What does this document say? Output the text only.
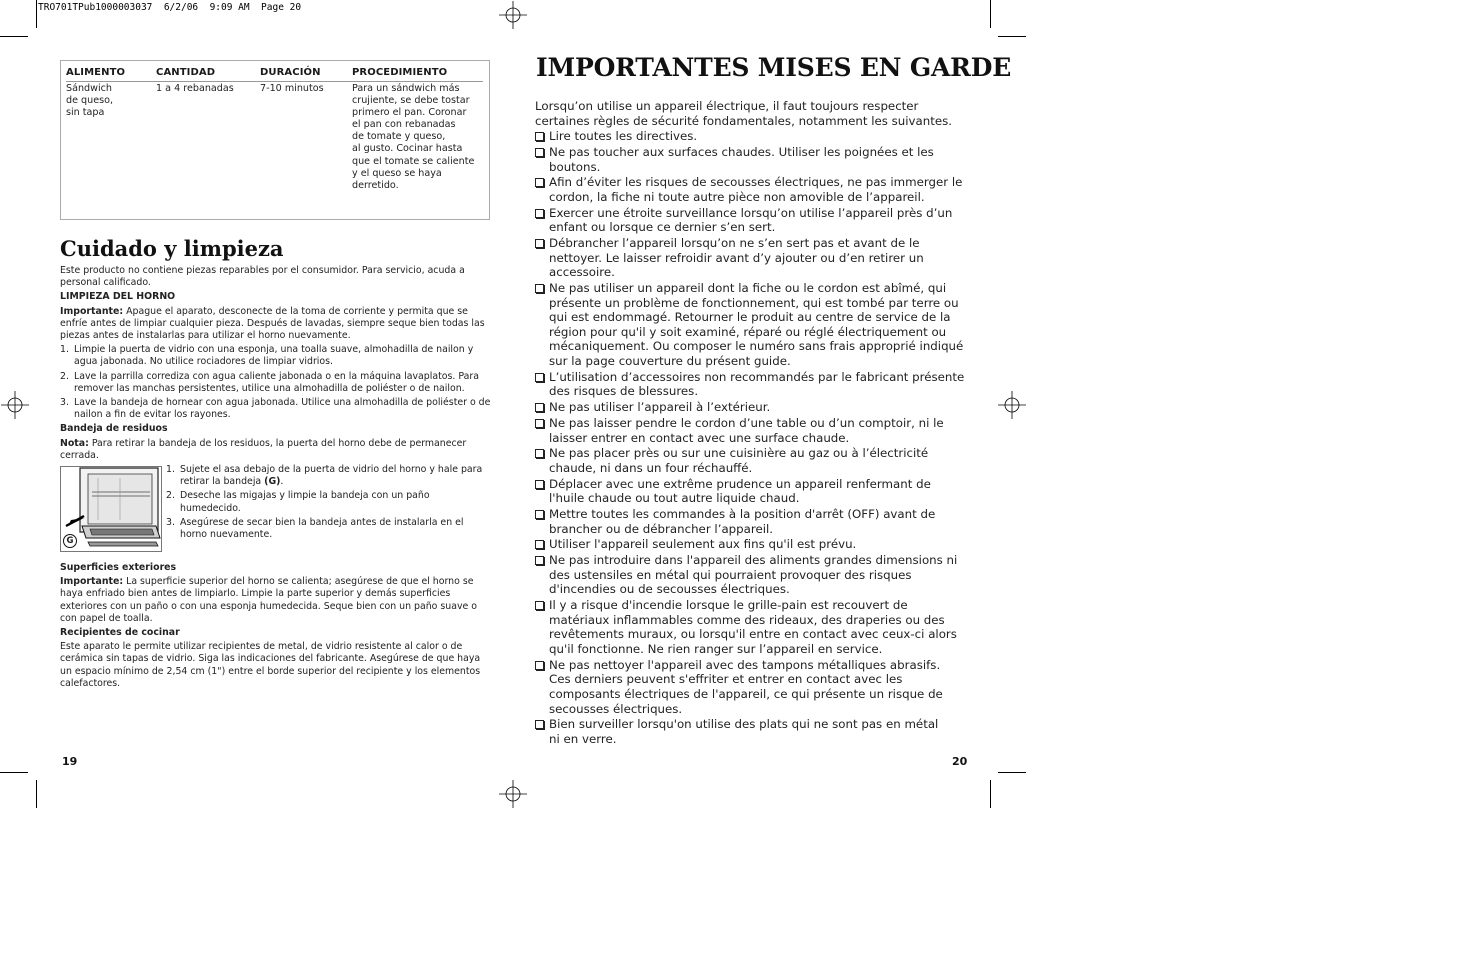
TRO701TPub1000003037  6/2/06  9:09 AM  Page 20
ALIMENTO	CANTIDAD	DURACIÓN	PROCEDIMIENTO
Sándwich
de queso,
sin tapa
1 a 4 rebanadas	7-10 minutos	Para un sándwich más
crujiente, se debe tostar
primero el pan. Coronar
el pan con rebanadas
de tomate y queso,
al gusto. Cocinar hasta
que el tomate se caliente
y el queso se haya
derretido.
Cuidado y limpieza

Este producto no contiene piezas reparables por el consumidor. Para servicio, acuda a personal calificado.

LIMPIEZA DEL HORNO

Importante: Apague el aparato, desconecte de la toma de corriente y permita que se enfríe antes de limpiar cualquier pieza. Después de lavadas, siempre seque bien todas las piezas antes de instalarlas para utilizar el horno nuevamente.

1. Limpie la puerta de vidrio con una esponja, una toalla suave, almohadilla de nailon y agua jabonada. No utilice rociadores de limpiar vidrios.
2. Lave la parrilla corrediza con agua caliente jabonada o en la máquina lavaplatos. Para remover las manchas persistentes, utilice una almohadilla de poliéster o de nailon.
3. Lave la bandeja de hornear con agua jabonada. Utilice una almohadilla de poliéster o de nailon a fin de evitar los rayones.

Bandeja de residuos

Nota: Para retirar la bandeja de los residuos, la puerta del horno debe de permanecer cerrada.

G
1. Sujete el asa debajo de la puerta de vidrio del horno y hale para retirar la bandeja (G).
2. Deseche las migajas y limpie la bandeja con un paño humedecido.
3. Asegúrese de secar bien la bandeja antes de instalarla en el horno nuevamente.

Superficies exteriores

Importante: La superficie superior del horno se calienta; asegúrese de que el horno se haya enfriado bien antes de limpiarlo. Limpie la parte superior y demás superficies exteriores con un paño o con una esponja humedecida. Seque bien con un paño suave o con papel de toalla.

Recipientes de cocinar

Este aparato le permite utilizar recipientes de metal, de vidrio resistente al calor o de cerámica sin tapas de vidrio. Siga las indicaciones del fabricante. Asegúrese de que haya un espacio mínimo de 2,54 cm (1") entre el borde superior del recipiente y los elementos calefactores.

19
IMPORTANTES MISES EN GARDE

Lorsqu’on utilise un appareil électrique, il faut toujours respecter certaines règles de sécurité fondamentales, notamment les suivantes.

Lire toutes les directives.
Ne pas toucher aux surfaces chaudes. Utiliser les poignées et les boutons.
Afin d’éviter les risques de secousses électriques, ne pas immerger le cordon, la fiche ni toute autre pièce non amovible de l’appareil.
Exercer une étroite surveillance lorsqu’on utilise l’appareil près d’un enfant ou lorsque ce dernier s’en sert.
Débrancher l’appareil lorsqu’on ne s’en sert pas et avant de le nettoyer. Le laisser refroidir avant d’y ajouter ou d’en retirer un accessoire.
Ne pas utiliser un appareil dont la fiche ou le cordon est abîmé, qui présente un problème de fonctionnement, qui est tombé par terre ou qui est endommagé. Retourner le produit au centre de service de la région pour qu'il y soit examiné, réparé ou réglé électriquement ou mécaniquement. Ou composer le numéro sans frais approprié indiqué sur la page couverture du présent guide.
L’utilisation d’accessoires non recommandés par le fabricant présente des risques de blessures.
Ne pas utiliser l’appareil à l’extérieur.
Ne pas laisser pendre le cordon d’une table ou d’un comptoir, ni le laisser entrer en contact avec une surface chaude.
Ne pas placer près ou sur une cuisinière au gaz ou à l’électricité chaude, ni dans un four réchauffé.
Déplacer avec une extrême prudence un appareil renfermant de l'huile chaude ou tout autre liquide chaud.
Mettre toutes les commandes à la position d'arrêt (OFF) avant de brancher ou de débrancher l’appareil.
Utiliser l'appareil seulement aux fins qu'il est prévu.
Ne pas introduire dans l'appareil des aliments grandes dimensions ni des ustensiles en métal qui pourraient provoquer des risques d'incendies ou de secousses électriques.
Il y a risque d'incendie lorsque le grille-pain est recouvert de matériaux inflammables comme des rideaux, des draperies ou des revêtements muraux, ou lorsqu'il entre en contact avec ceux-ci alors qu'il fonctionne. Ne rien ranger sur l’appareil en service.
Ne pas nettoyer l'appareil avec des tampons métalliques abrasifs.
Ces derniers peuvent s'effriter et entrer en contact avec les composants électriques de l'appareil, ce qui présente un risque de secousses électriques.
Bien surveiller lorsqu'on utilise des plats qui ne sont pas en métal
ni en verre.
20
